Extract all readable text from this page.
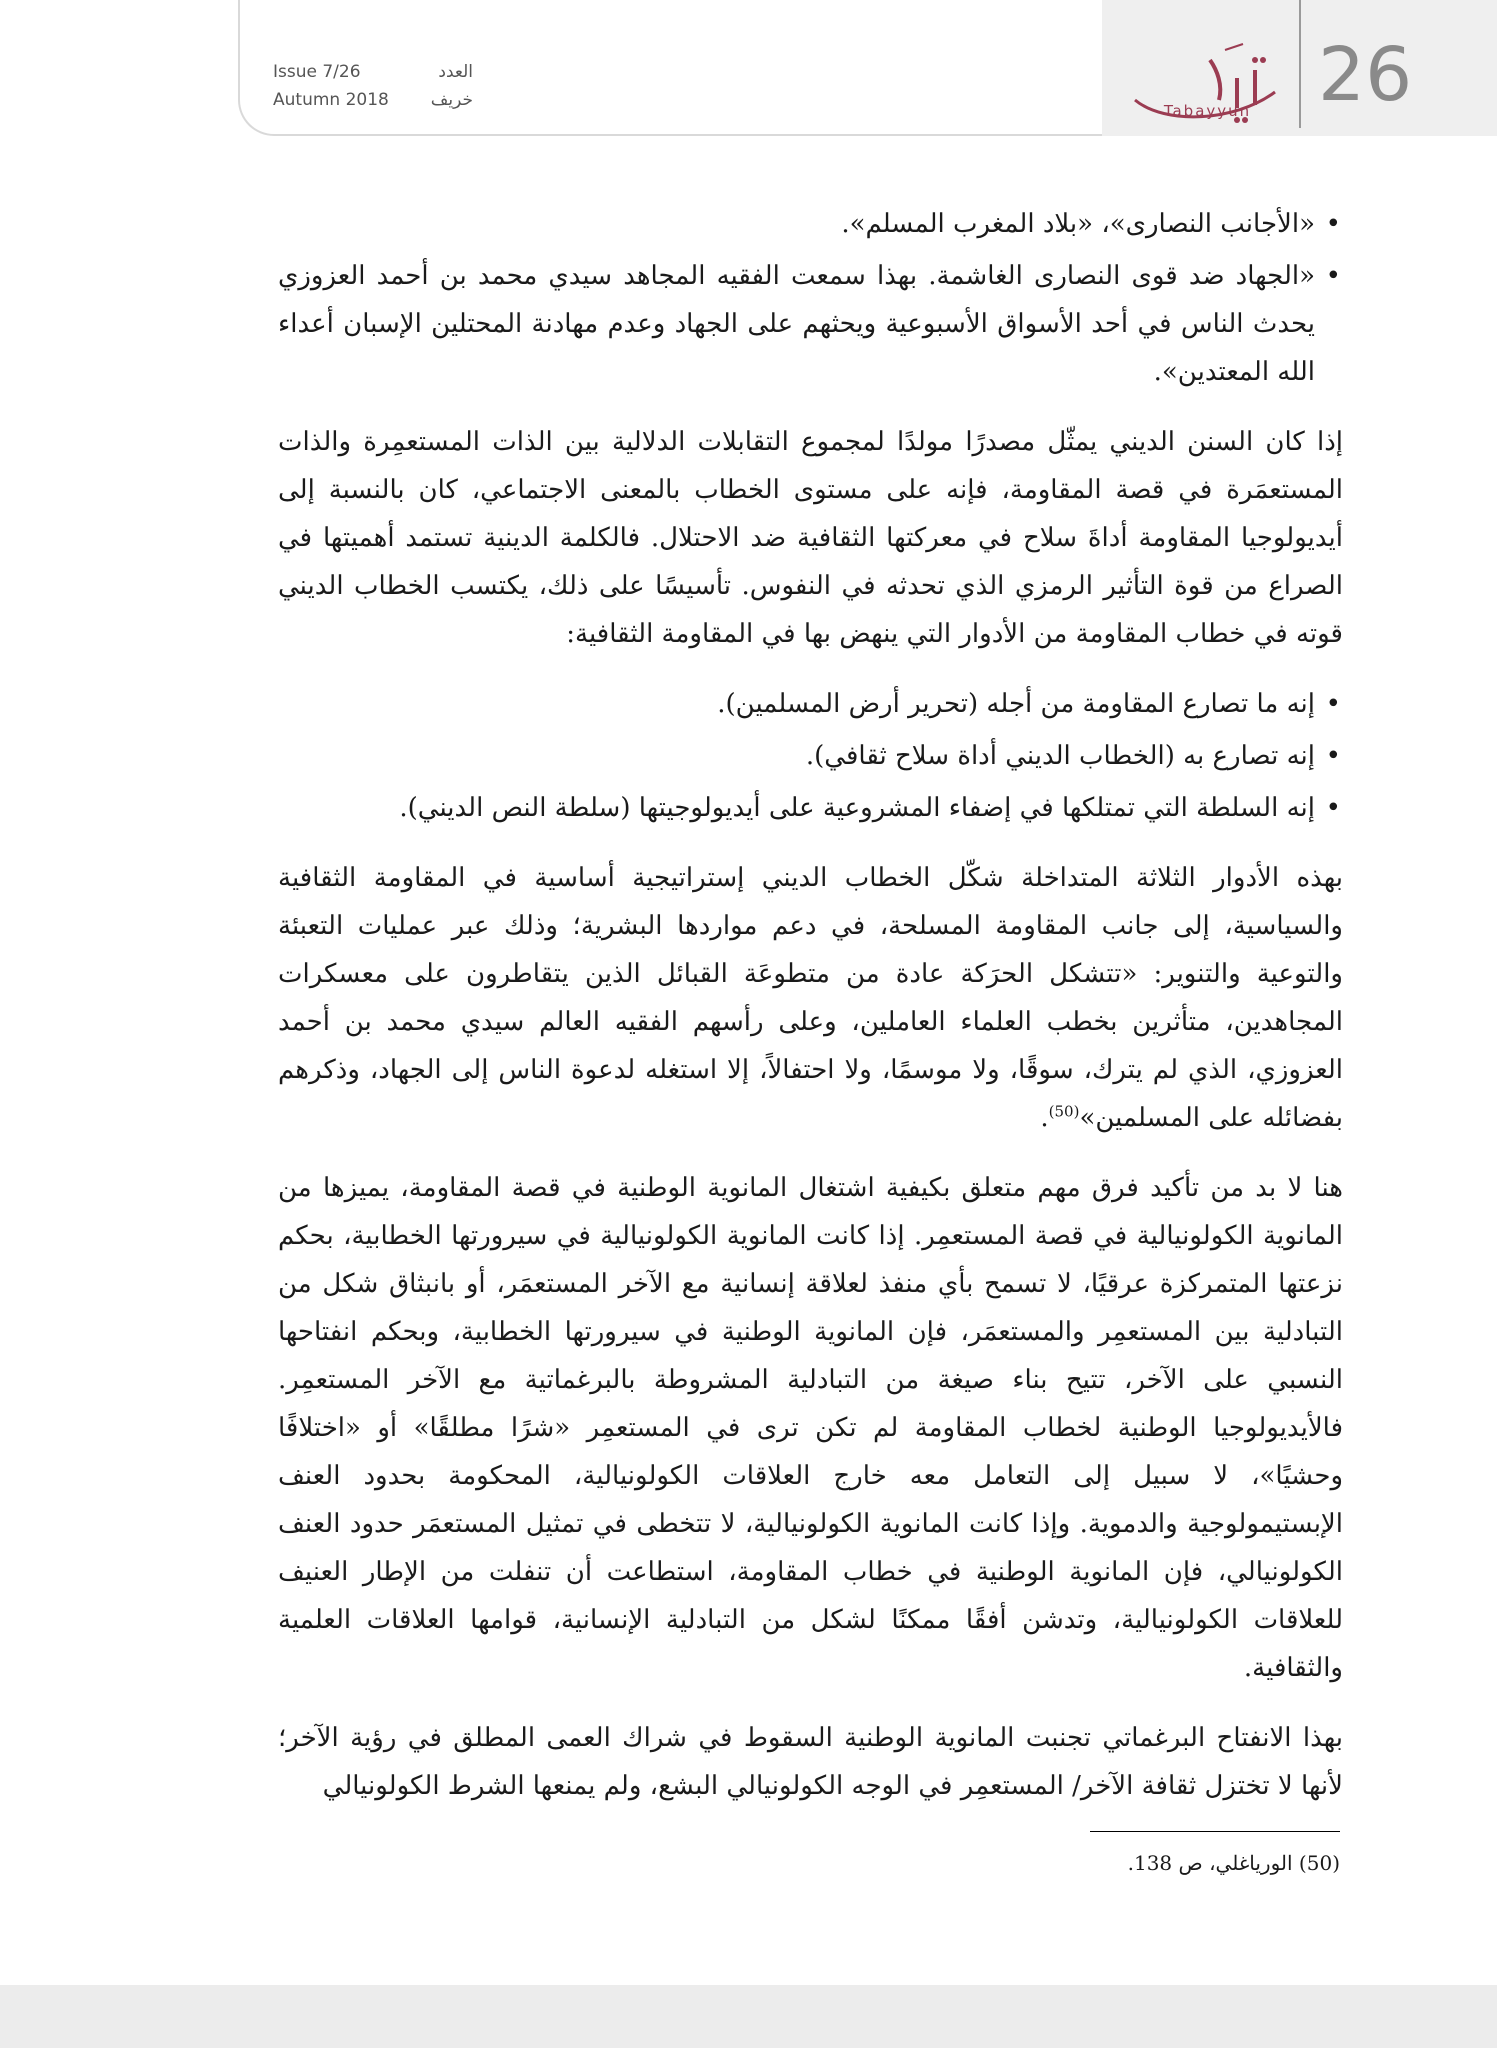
26
Tabayyun
Issue 7/26	العدد
Autumn 2018 خريف
• «الأجانب النصارى»، «بلاد المغرب المسلم».
• «الجهاد ضد قوى النصارى الغاشمة. بهذا سمعت الفقيه المجاهد سيدي محمد بن أحمد العزوزي يحدث الناس في أحد الأسواق الأسبوعية ويحثهم على الجهاد وعدم مهادنة المحتلين الإسبان أعداء الله المعتدين».

إذا كان السنن الديني يمثّل مصدرًا مولدًا لمجموع التقابلات الدلالية بين الذات المستعمِرة والذات المستعمَرة في قصة المقاومة، فإنه على مستوى الخطاب بالمعنى الاجتماعي، كان بالنسبة إلى أيديولوجيا المقاومة أداةَ سلاح في معركتها الثقافية ضد الاحتلال. فالكلمة الدينية تستمد أهميتها في الصراع من قوة التأثير الرمزي الذي تحدثه في النفوس. تأسيسًا على ذلك، يكتسب الخطاب الديني قوته في خطاب المقاومة من الأدوار التي ينهض بها في المقاومة الثقافية:

• إنه ما تصارع المقاومة من أجله (تحرير أرض المسلمين).
• إنه تصارع به (الخطاب الديني أداة سلاح ثقافي).
• إنه السلطة التي تمتلكها في إضفاء المشروعية على أيديولوجيتها (سلطة النص الديني).

بهذه الأدوار الثلاثة المتداخلة شكّل الخطاب الديني إستراتيجية أساسية في المقاومة الثقافية والسياسية، إلى جانب المقاومة المسلحة، في دعم مواردها البشرية؛ وذلك عبر عمليات التعبئة والتوعية والتنوير: «تتشكل الحرَكة عادة من متطوعَة القبائل الذين يتقاطرون على معسكرات المجاهدين، متأثرين بخطب العلماء العاملين، وعلى رأسهم الفقيه العالم سيدي محمد بن أحمد العزوزي، الذي لم يترك، سوقًا، ولا موسمًا، ولا احتفالاً، إلا استغله لدعوة الناس إلى الجهاد، وذكرهم بفضائله على المسلمين»$^{(50)}$.

هنا لا بد من تأكيد فرق مهم متعلق بكيفية اشتغال المانوية الوطنية في قصة المقاومة، يميزها من المانوية الكولونيالية في قصة المستعمِر. إذا كانت المانوية الكولونيالية في سيرورتها الخطابية، بحكم نزعتها المتمركزة عرقيًا، لا تسمح بأي منفذ لعلاقة إنسانية مع الآخر المستعمَر، أو بانبثاق شكل من التبادلية بين المستعمِر والمستعمَر، فإن المانوية الوطنية في سيرورتها الخطابية، وبحكم انفتاحها النسبي على الآخر، تتيح بناء صيغة من التبادلية المشروطة بالبرغماتية مع الآخر المستعمِر. فالأيديولوجيا الوطنية لخطاب المقاومة لم تكن ترى في المستعمِر «شرًا مطلقًا» أو «اختلافًا وحشيًا»، لا سبيل إلى التعامل معه خارج العلاقات الكولونيالية، المحكومة بحدود العنف الإبستيمولوجية والدموية. وإذا كانت المانوية الكولونيالية، لا تتخطى في تمثيل المستعمَر حدود العنف الكولونيالي، فإن المانوية الوطنية في خطاب المقاومة، استطاعت أن تنفلت من الإطار العنيف للعلاقات الكولونيالية، وتدشن أفقًا ممكنًا لشكل من التبادلية الإنسانية، قوامها العلاقات العلمية والثقافية.

بهذا الانفتاح البرغماتي تجنبت المانوية الوطنية السقوط في شراك العمى المطلق في رؤية الآخر؛ لأنها لا تختزل ثقافة الآخر/ المستعمِر في الوجه الكولونيالي البشع، ولم يمنعها الشرط الكولونيالي

(50) الورياغلي، ص 138.
